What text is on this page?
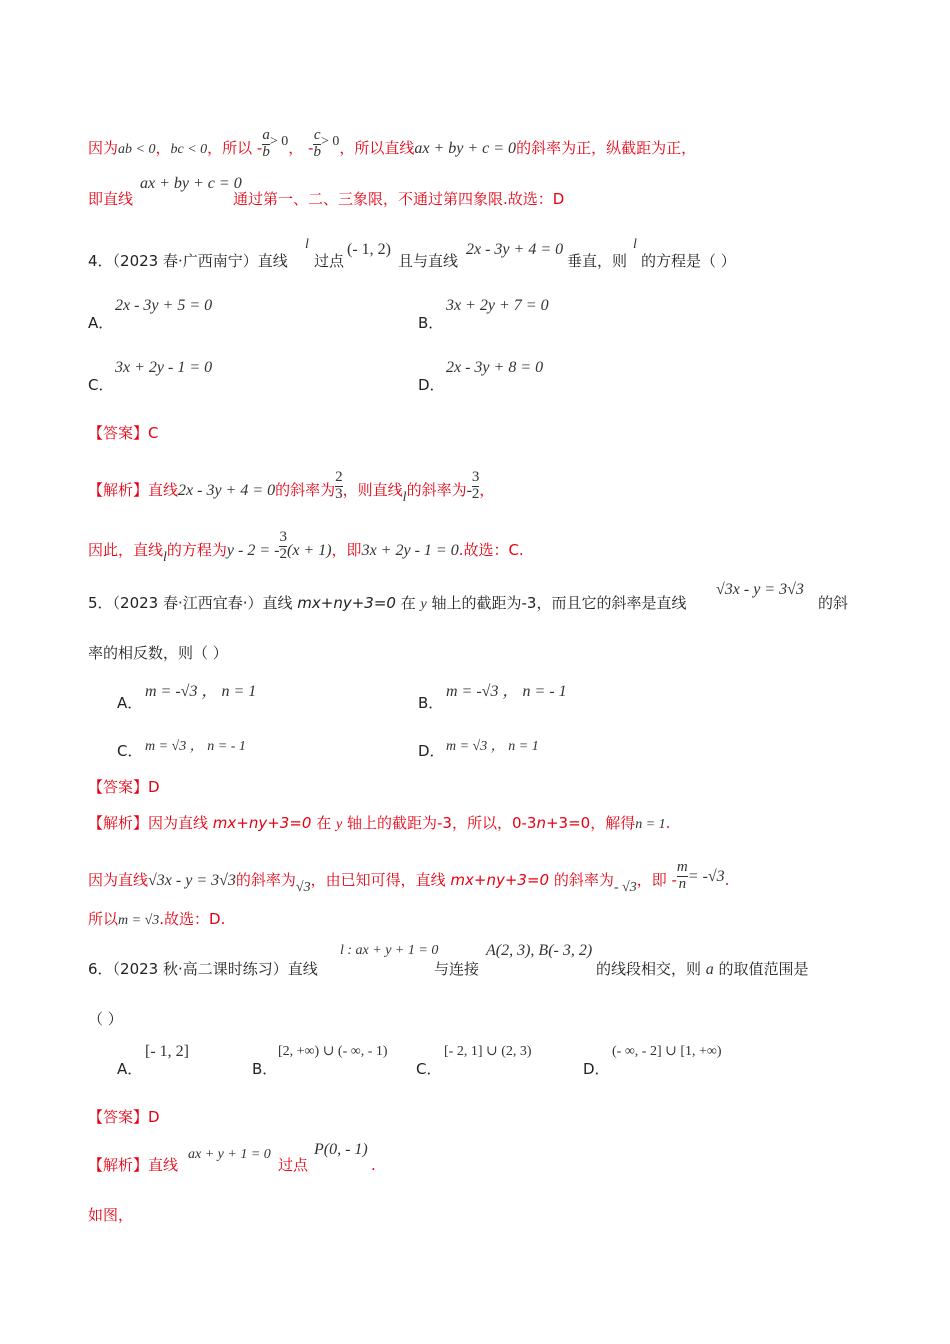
因为ab < 0，bc < 0，所以 - $\frac{a}{b} > 0$， - $\frac{c}{b} > 0$，所以直线ax + by + c = 0的斜率为正，纵截距为正，
即直线
ax + by + c = 0
通过第一、二、三象限，不通过第四象限.故选：D
4．（2023 春·广西南宁）直线
l
过点
(- 1, 2)
且与直线
2x - 3y + 4 = 0
垂直，则
l
的方程是（ ）
A．
2x - 3y + 5 = 0
B．
3x + 2y + 7 = 0
C．
3x + 2y - 1 = 0
D．
2x - 3y + 8 = 0
【答案】C
【解析】直线2x - 3y + 4 = 0的斜率为 $\frac{2}{3}$ ，则直线l的斜率为- $\frac{3}{2}$ ，
因此，直线l的方程为y - 2 = - $\frac{3}{2} (x + 1)$，即3x + 2y - 1 = 0.故选：C.
5．（2023 春·江西宜春·）直线 mx+ny+3=0 在 y 轴上的截距为-3，而且它的斜率是直线
√3x - y = 3√3
的斜
率的相反数，则（ ）
A．
m = -√3 ， n = 1
B．
m = -√3 ， n = - 1
C． m = √3 ， n = - 1	D． m = √3 ， n = 1
【答案】D
【解析】因为直线 mx+ny+3=0 在 y 轴上的截距为-3，所以，0-3n+3=0，解得n = 1.
因为直线√3x - y = 3√3的斜率为√3，由已知可得，直线 mx+ny+3=0 的斜率为- √3，即 - $\frac{m}{n} = -√3$.
所以m = √3.故选：D.
6．（2023 秋·高二课时练习）直线
l : ax + y + 1 = 0
与连接
A(2, 3), B(- 3, 2)
的线段相交，则 a 的取值范围是
（ ）
A．
[- 1, 2]
B．
[2, +∞) ∪ (- ∞, - 1)
C．
[- 2, 1] ∪ (2, 3)
D．
(- ∞, - 2] ∪ [1, +∞)
【答案】D
【解析】直线
ax + y + 1 = 0
过点
P(0, - 1)
.
如图，
